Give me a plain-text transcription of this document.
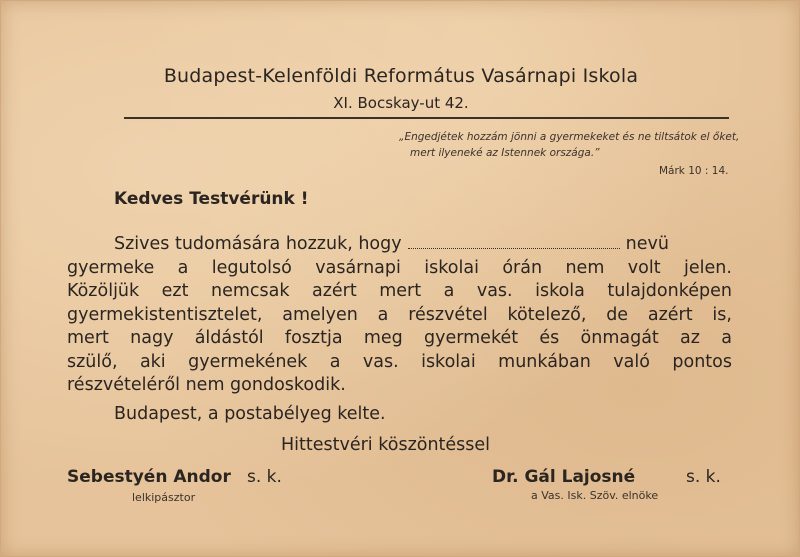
Budapest-Kelenföldi Református Vasárnapi Iskola
XI. Bocskay-ut 42.
„Engedjétek hozzám jönni a gyermekeket és ne tiltsátok el őket,
mert ilyeneké az Istennek országa.”
Márk 10 : 14.
Kedves Testvérünk !
Szives tudomására hozzuk, hogy	nevü
gyermeke a legutolsó vasárnapi iskolai órán nem volt jelen.
Közöljük ezt nemcsak azért mert a vas. iskola tulajdonképen
gyermekistentisztelet, amelyen a részvétel kötelező, de azért is,
mert nagy áldástól fosztja meg gyermekét és önmagát az a
szülő, aki gyermekének a vas. iskolai munkában való pontos
részvételéről nem gondoskodik.
Budapest, a postabélyeg kelte.
Hittestvéri köszöntéssel
Sebestyén Andor s. k.
lelkipásztor
Dr. Gál Lajosné	s. k.
a Vas. Isk. Szöv. elnöke
